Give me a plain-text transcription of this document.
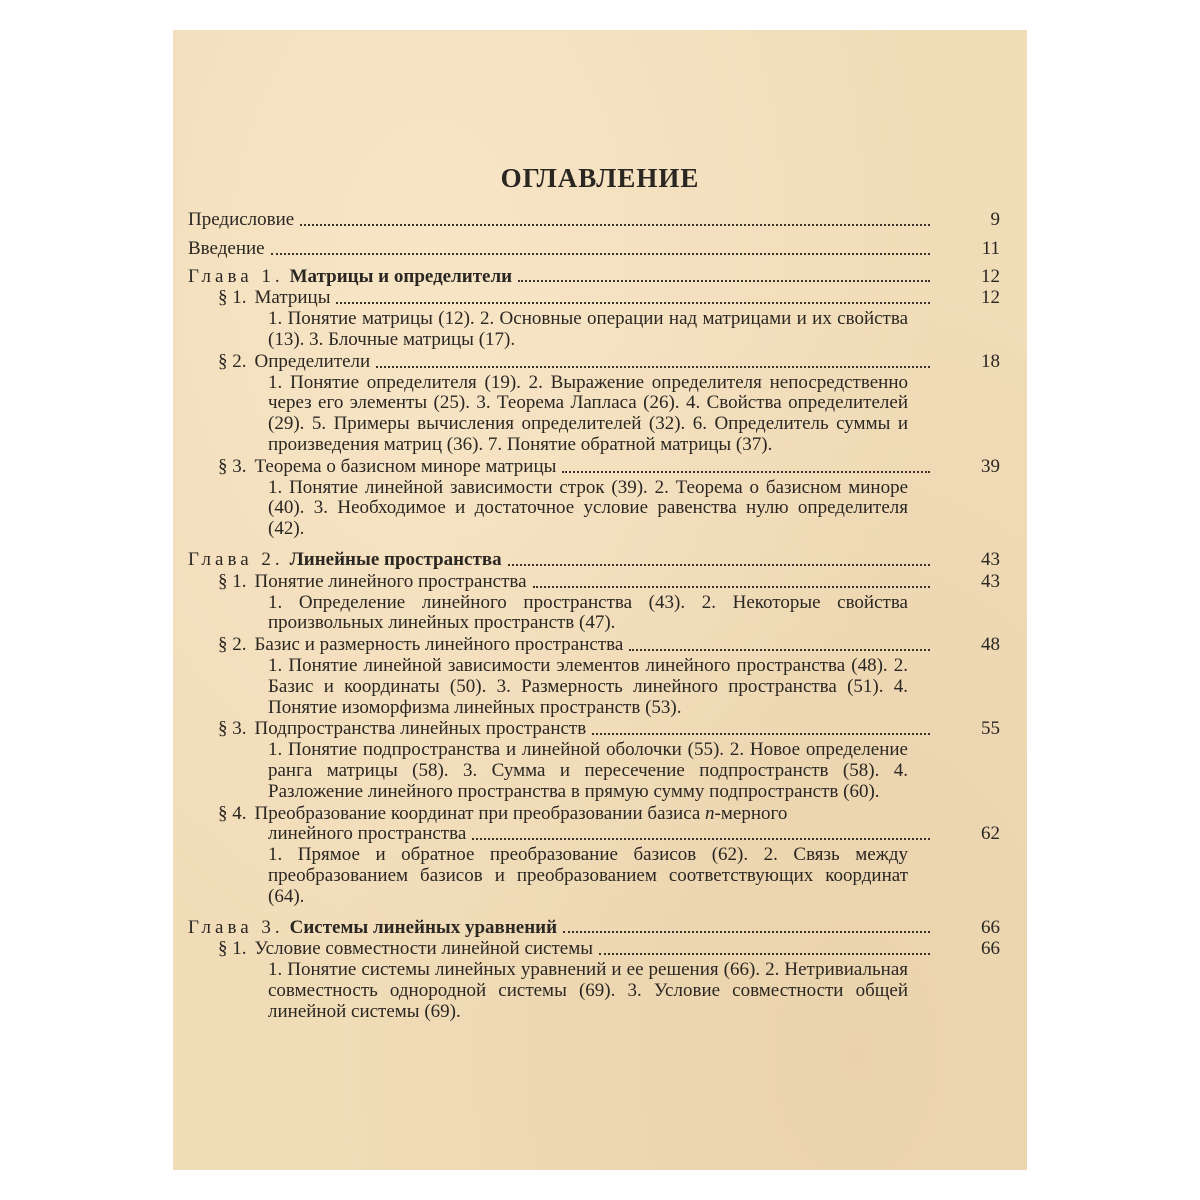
ОГЛАВЛЕНИЕ
Предисловие	9
Введение	11
Глава 1. Матрицы и определители	12
§ 1. Матрицы	12
1. Понятие матрицы (12). 2. Основные операции над матрицами и их свойства (13). 3. Блочные матрицы (17).
§ 2. Определители	18
1. Понятие определителя (19). 2. Выражение определителя непосредственно через его элементы (25). 3. Теорема Лапласа (26). 4. Свойства определителей (29). 5. Примеры вычисления определителей (32). 6. Определитель суммы и произведения матриц (36). 7. Понятие обратной матрицы (37).
§ 3. Теорема о базисном миноре матрицы	39
1. Понятие линейной зависимости строк (39). 2. Теорема о базисном миноре (40). 3. Необходимое и достаточное условие равенства нулю определителя (42).
Глава 2. Линейные пространства	43
§ 1. Понятие линейного пространства	43
1. Определение линейного пространства (43). 2. Некоторые свойства произвольных линейных пространств (47).
§ 2. Базис и размерность линейного пространства	48
1. Понятие линейной зависимости элементов линейного пространства (48). 2. Базис и координаты (50). 3. Размерность линейного пространства (51). 4. Понятие изоморфизма линейных пространств (53).
§ 3. Подпространства линейных пространств	55
1. Понятие подпространства и линейной оболочки (55). 2. Новое определение ранга матрицы (58). 3. Сумма и пересечение подпространств (58). 4. Разложение линейного пространства в прямую сумму подпространств (60).
§ 4. Преобразование координат при преобразовании базиса n-мерного
линейного пространства	62
1. Прямое и обратное преобразование базисов (62). 2. Связь между преобразованием базисов и преобразованием соответствующих координат (64).
Глава 3. Системы линейных уравнений	66
§ 1. Условие совместности линейной системы	66
1. Понятие системы линейных уравнений и ее решения (66). 2. Нетривиальная совместность однородной системы (69). 3. Условие совместности общей линейной системы (69).
